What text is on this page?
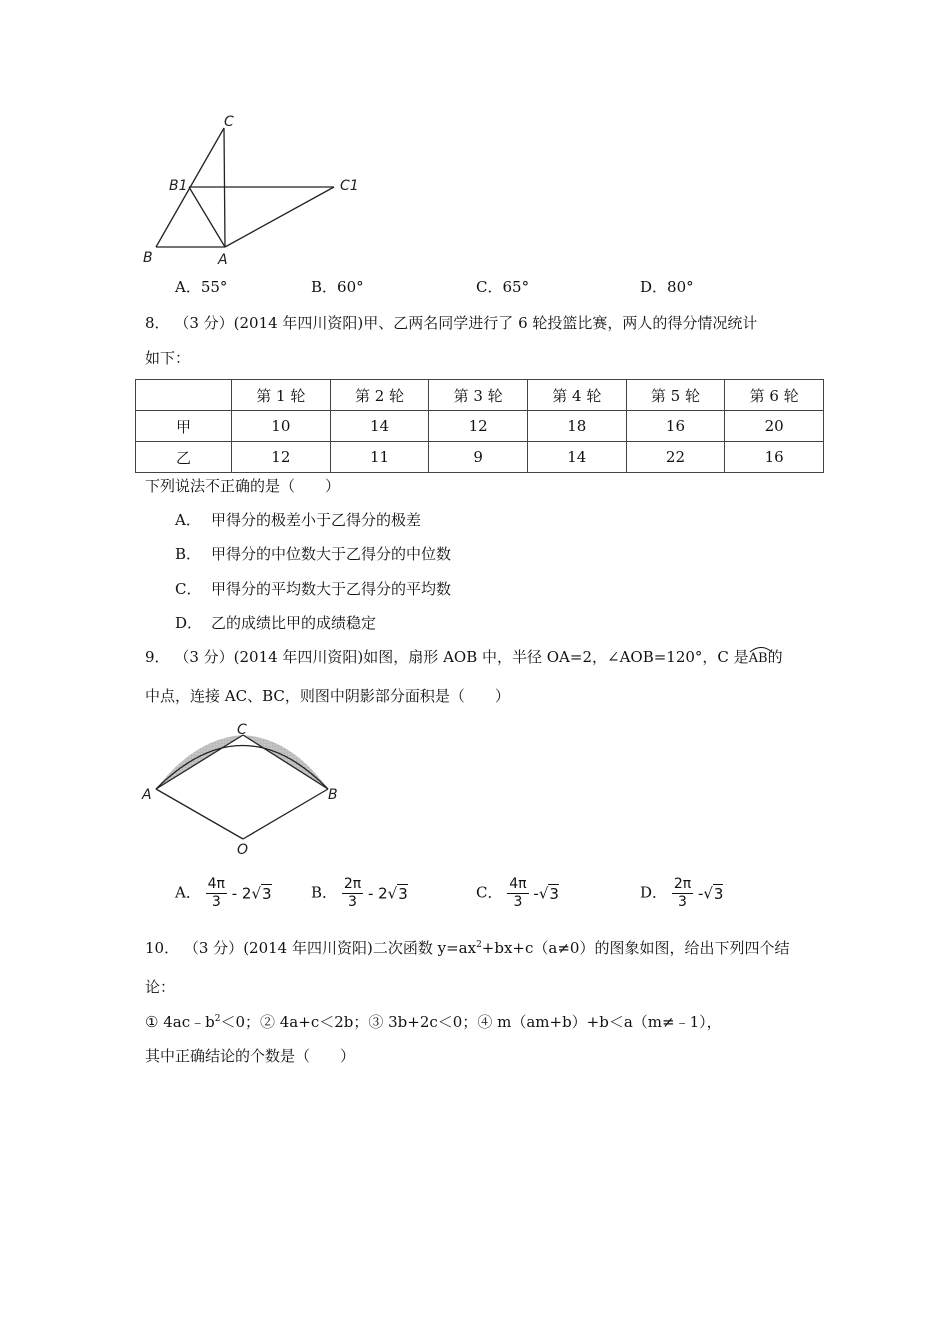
C
B1	C1
B	A
A．55°	B．60°	C．65°	D．80°
8． （3 分）(2014 年四川资阳)甲、乙两名同学进行了 6 轮投篮比赛，两人的得分情况统计
如下：
	第 1 轮	第 2 轮	第 3 轮	第 4 轮	第 5 轮	第 6 轮
甲	10	14	12	18	16	20
乙	12	11	9	14	22	16
下列说法不正确的是（　　）
A． 甲得分的极差小于乙得分的极差
B． 甲得分的中位数大于乙得分的中位数
C． 甲得分的平均数大于乙得分的平均数
D． 乙的成绩比甲的成绩稳定
9． （3 分）(2014 年四川资阳)如图，扇形 AOB 中，半径 OA=2，∠AOB=120°，C 是
AB的
中点，连接 AC、BC，则图中阴影部分面积是（　　）
C
A	B
O
A． $\frac{4\pi}{3} - 2√3$	B． $\frac{2\pi}{3} - 2√3$	C． $\frac{4\pi}{3} -√3$	D． $\frac{2\pi}{3} -√3$
10． （3 分）(2014 年四川资阳)二次函数 $y=ax^2+bx+c(a\ne 0)$的图象如图，给出下列四个结
论：
① $4ac﹣b^2<0$；② 4a+c＜2b；③ 3b+2c＜0；④ m（am+b）+b＜a（m≠﹣1），
其中正确结论的个数是（　　）
